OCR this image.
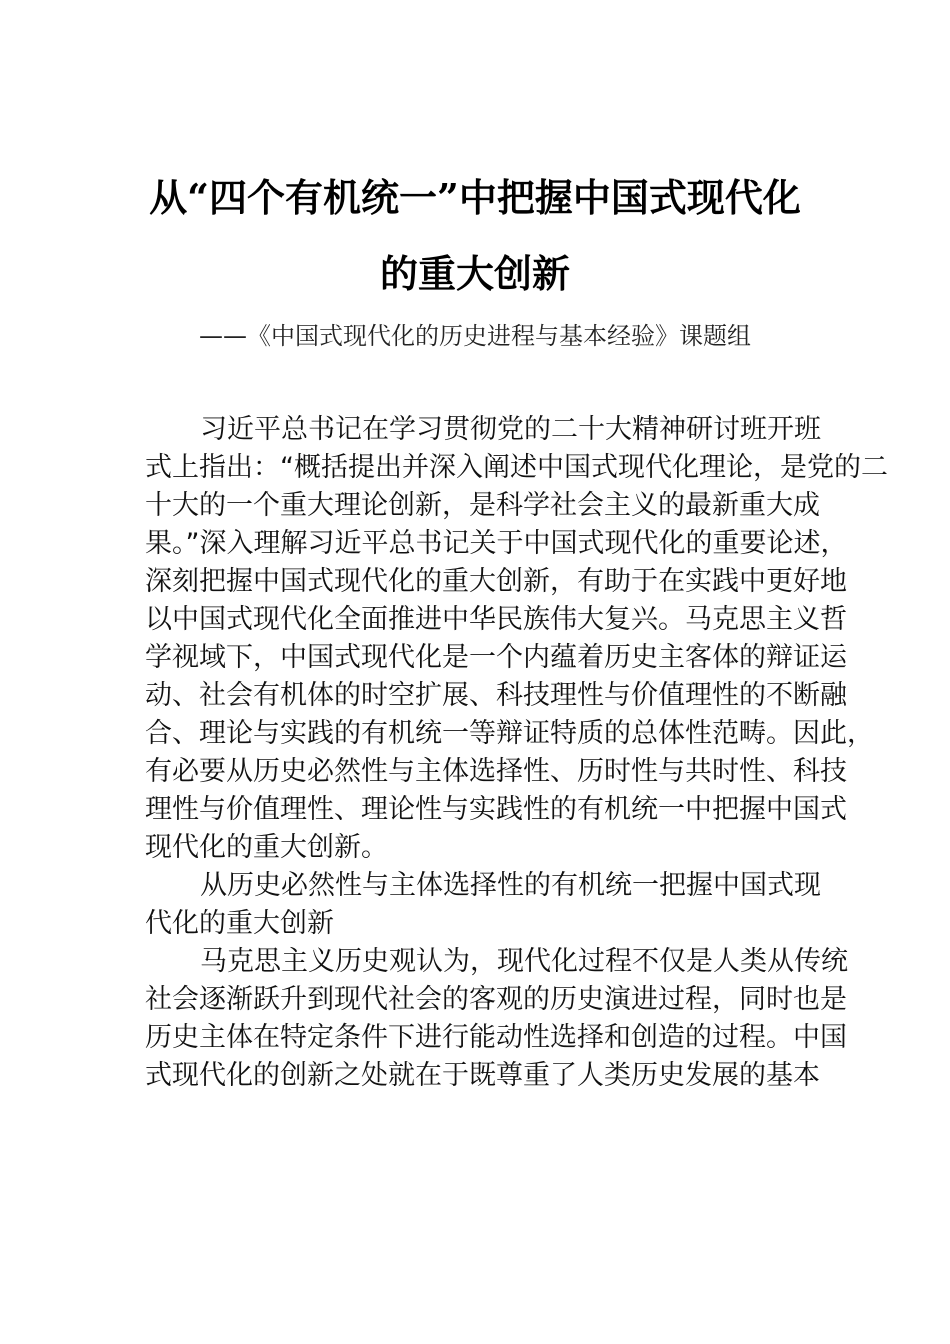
从“四个有机统一”中把握中国式现代化
的重大创新
——《中国式现代化的历史进程与基本经验》课题组
习近平总书记在学习贯彻党的二十大精神研讨班开班
式上指出：“概括提出并深入阐述中国式现代化理论，是党的二
十大的一个重大理论创新，是科学社会主义的最新重大成
果。”深入理解习近平总书记关于中国式现代化的重要论述，
深刻把握中国式现代化的重大创新，有助于在实践中更好地
以中国式现代化全面推进中华民族伟大复兴。马克思主义哲
学视域下，中国式现代化是一个内蕴着历史主客体的辩证运
动、社会有机体的时空扩展、科技理性与价值理性的不断融
合、理论与实践的有机统一等辩证特质的总体性范畴。因此，
有必要从历史必然性与主体选择性、历时性与共时性、科技
理性与价值理性、理论性与实践性的有机统一中把握中国式
现代化的重大创新。
从历史必然性与主体选择性的有机统一把握中国式现
代化的重大创新
马克思主义历史观认为，现代化过程不仅是人类从传统
社会逐渐跃升到现代社会的客观的历史演进过程，同时也是
历史主体在特定条件下进行能动性选择和创造的过程。中国
式现代化的创新之处就在于既尊重了人类历史发展的基本
